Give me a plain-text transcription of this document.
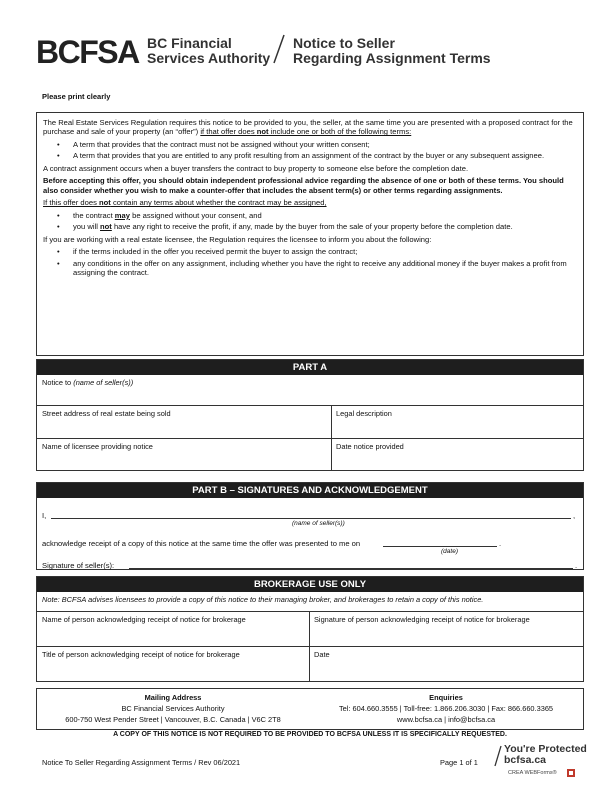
BCFSA BC Financial
Services Authority
Notice to Seller
Regarding Assignment Terms
Please print clearly

The Real Estate Services Regulation requires this notice to be provided to you, the seller, at the same time you are presented with a proposed contract for the purchase and sale of your property (an “offer”) if that offer does not include one or both of the following terms:

• A term that provides that the contract must not be assigned without your written consent;
• A term that provides that you are entitled to any profit resulting from an assignment of the contract by the buyer or any subsequent assignee.

A contract assignment occurs when a buyer transfers the contract to buy property to someone else before the completion date.

Before accepting this offer, you should obtain independent professional advice regarding the absence of one or both of these terms. You should also consider whether you wish to make a counter-offer that includes the absent term(s) or other terms regarding assignments.

If this offer does not contain any terms about whether the contract may be assigned,

• the contract may be assigned without your consent, and
• you will not have any right to receive the profit, if any, made by the buyer from the sale of your property before the completion date.

If you are working with a real estate licensee, the Regulation requires the licensee to inform you about the following:

• if the terms included in the offer you received permit the buyer to assign the contract;
• any conditions in the offer on any assignment, including whether you have the right to receive any additional money if the buyer makes a profit from assigning the contract.
PART A
Notice to (name of seller(s))
Street address of real estate being sold	Legal description
Name of licensee providing notice	Date notice provided
PART B – SIGNATURES AND ACKNOWLEDGEMENT
I,	,
(name of seller(s))
acknowledge receipt of a copy of this notice at the same time the offer was presented to me on	.
(date)
Signature of seller(s):	.
BROKERAGE USE ONLY
Note: BCFSA advises licensees to provide a copy of this notice to their managing broker, and brokerages to retain a copy of this notice.
Name of person acknowledging receipt of notice for brokerage	Signature of person acknowledging receipt of notice for brokerage
Title of person acknowledging receipt of notice for brokerage	Date
Mailing Address
BC Financial Services Authority
600-750 West Pender Street | Vancouver, B.C. Canada | V6C 2T8
Enquiries
Tel: 604.660.3555 | Toll-free: 1.866.206.3030 | Fax: 866.660.3365
www.bcfsa.ca | info@bcfsa.ca
A COPY OF THIS NOTICE IS NOT REQUIRED TO BE PROVIDED TO BCFSA UNLESS IT IS SPECIFICALLY REQUESTED.
Notice To Seller Regarding Assignment Terms / Rev 06/2021	Page 1 of 1
You're Protected
bcfsa.ca
CREA WEBForms®
